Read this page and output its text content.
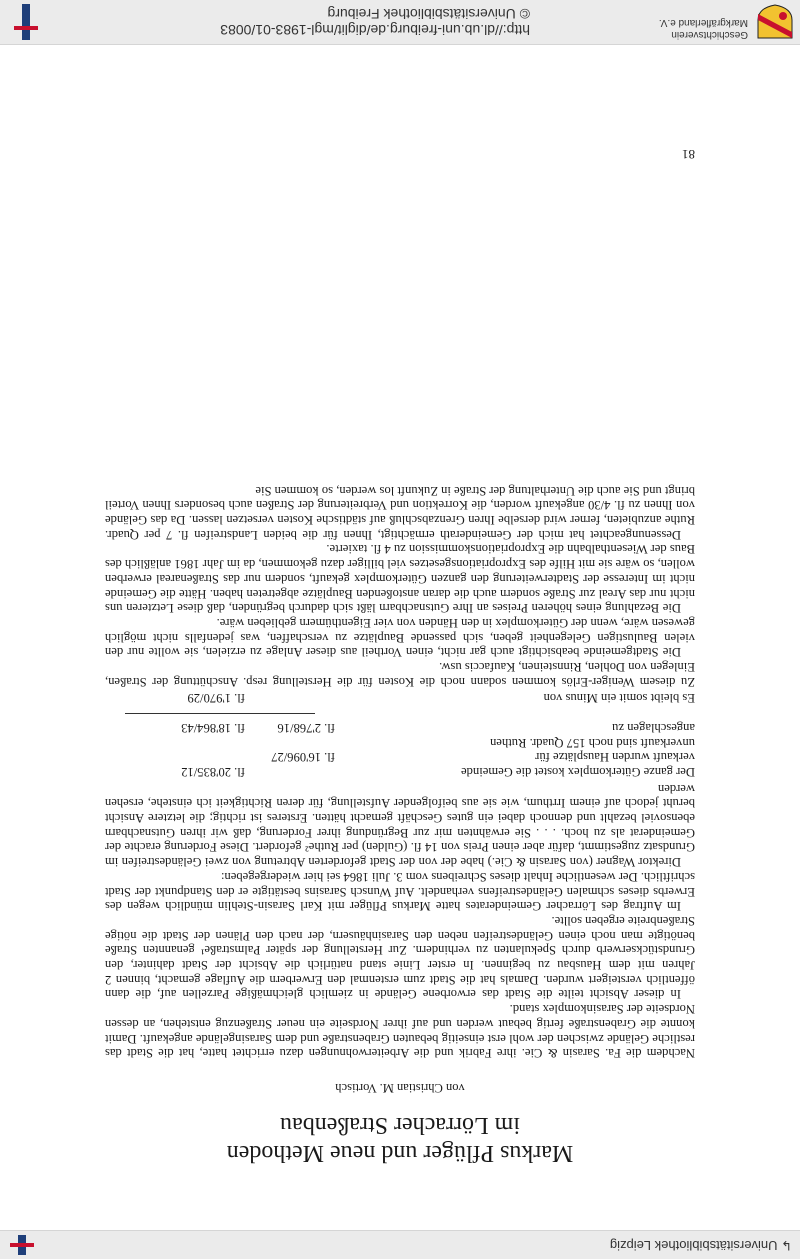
↳ Universitätsbibliothek Leipzig
Markus Pflüger und neue Methoden
im Lörracher Straßenbau
von Christian M. Vortisch

Nachdem die Fa. Sarasin & Cie. ihre Fabrik und die Arbeiterwohnungen dazu errichtet hatte, hat die Stadt das restliche Gelände zwischen der wohl erst einseitig bebauten Grabenstraße und dem Sarasingelände angekauft. Damit konnte die Grabenstraße fertig bebaut werden und auf ihrer Nordseite ein neuer Straßenzug entstehen, an dessen Nordseite der Sarasinkomplex stand.

In dieser Absicht teilte die Stadt das erworbene Gelände in ziemlich gleichmäßige Parzellen auf, die dann öffentlich versteigert wurden. Damals hat die Stadt zum erstenmal den Erwerbern die Auflage gemacht, binnen 2 Jahren mit dem Hausbau zu beginnen. In erster Linie stand natürlich die Absicht der Stadt dahinter, den Grundstückserwerb durch Spekulanten zu verhindern. Zur Herstellung der später Palmstraße¹ genannten Straße benötigte man noch einen Geländestreifen neben den Sarasinhäusern, der nach den Plänen der Stadt die nötige Straßenbreite ergeben sollte.

Im Auftrag des Lörracher Gemeinderates hatte Markus Pflüger mit Karl Sarasin-Stehlin mündlich wegen des Erwerbs dieses schmalen Geländestreifens verhandelt. Auf Wunsch Sarasins bestätigte er den Standpunkt der Stadt schriftlich. Der wesentliche Inhalt dieses Schreibens vom 3. Juli 1864 sei hier wiedergegeben:

Direktor Wagner (von Sarasin & Cie.) habe der von der Stadt geforderten Abtretung von zwei Geländestreifen im Grundsatz zugestimmt, dafür aber einen Preis von 14 fl. (Gulden) per Ruthe² gefordert. Diese Forderung erachte der Gemeinderat als zu hoch. . . . Sie erwähnten mir zur Begründung ihrer Forderung, daß wir ihren Gutsnachbarn ebensoviel bezahlt und dennoch dabei ein gutes Geschäft gemacht hätten. Ersteres ist richtig; die letztere Ansicht beruht jedoch auf einem Irrthum, wie sie aus beifolgender Aufstellung, für deren Richtigkeit ich einstehe, ersehen werden

Der ganze Güterkomplex kostet die Gemeinde
fl. 20'835/12
verkauft wurden Hausplätze für
fl. 16'096/27
unverkauft sind noch 157 Quadr. Ruthen
angeschlagen zu
fl. 2'768/16
fl. 18'864/43
Es bleibt somit ein Minus von
fl. 1'970/29

Zu diesem Weniger-Erlös kommen sodann noch die Kosten für die Herstellung resp. Anschüttung der Straßen, Einlegen von Dohlen, Rinnsteinen, Kaufaccis usw.

Die Stadtgemeinde beabsichtigt auch gar nicht, einen Vortheil aus dieser Anlage zu erzielen, sie wollte nur den vielen Baulustigen Gelegenheit geben, sich passende Bauplätze zu verschaffen, was jedenfalls nicht möglich gewesen wäre, wenn der Güterkomplex in den Händen von vier Eigenthümern geblieben wäre.

Die Bezahlung eines höheren Preises an Ihre Gutsnachbarn läßt sich dadurch begründen, daß diese Letzteren uns nicht nur das Areal zur Straße sondern auch die daran anstoßenden Bauplätze abgetreten haben. Hätte die Gemeinde nicht im Interesse der Stadterweiterung den ganzen Güterkomplex gekauft, sondern nur das Straßenareal erwerben wollen, so wäre sie mit Hilfe des Expropriationsgesetzes viel billiger dazu gekommen, da im Jahr 1861 anläßlich des Baus der Wiesenthalbahn die Expropriationskommission zu 4 fl. taxierte.

Dessenungeachtet hat mich der Gemeinderath ermächtigt, Ihnen für die beiden Landstreifen fl. 7 per Quadr. Ruthe anzubieten, ferner wird derselbe Ihren Grenzabschluß auf städtische Kosten versetzen lassen. Da das Gelände von Ihnen zu fl. 4/30 angekauft worden, die Korrektion und Verbreiterung der Straßen auch besonders Ihnen Vorteil bringt und Sie auch die Unterhaltung der Straße in Zukunft los werden, so kommen Sie

81
Geschichtsverein
Markgräflerland e.V.
http://dl.ub.uni-freiburg.de/diglit/mgl-1983-01/0083
© Universitätsbibliothek Freiburg
